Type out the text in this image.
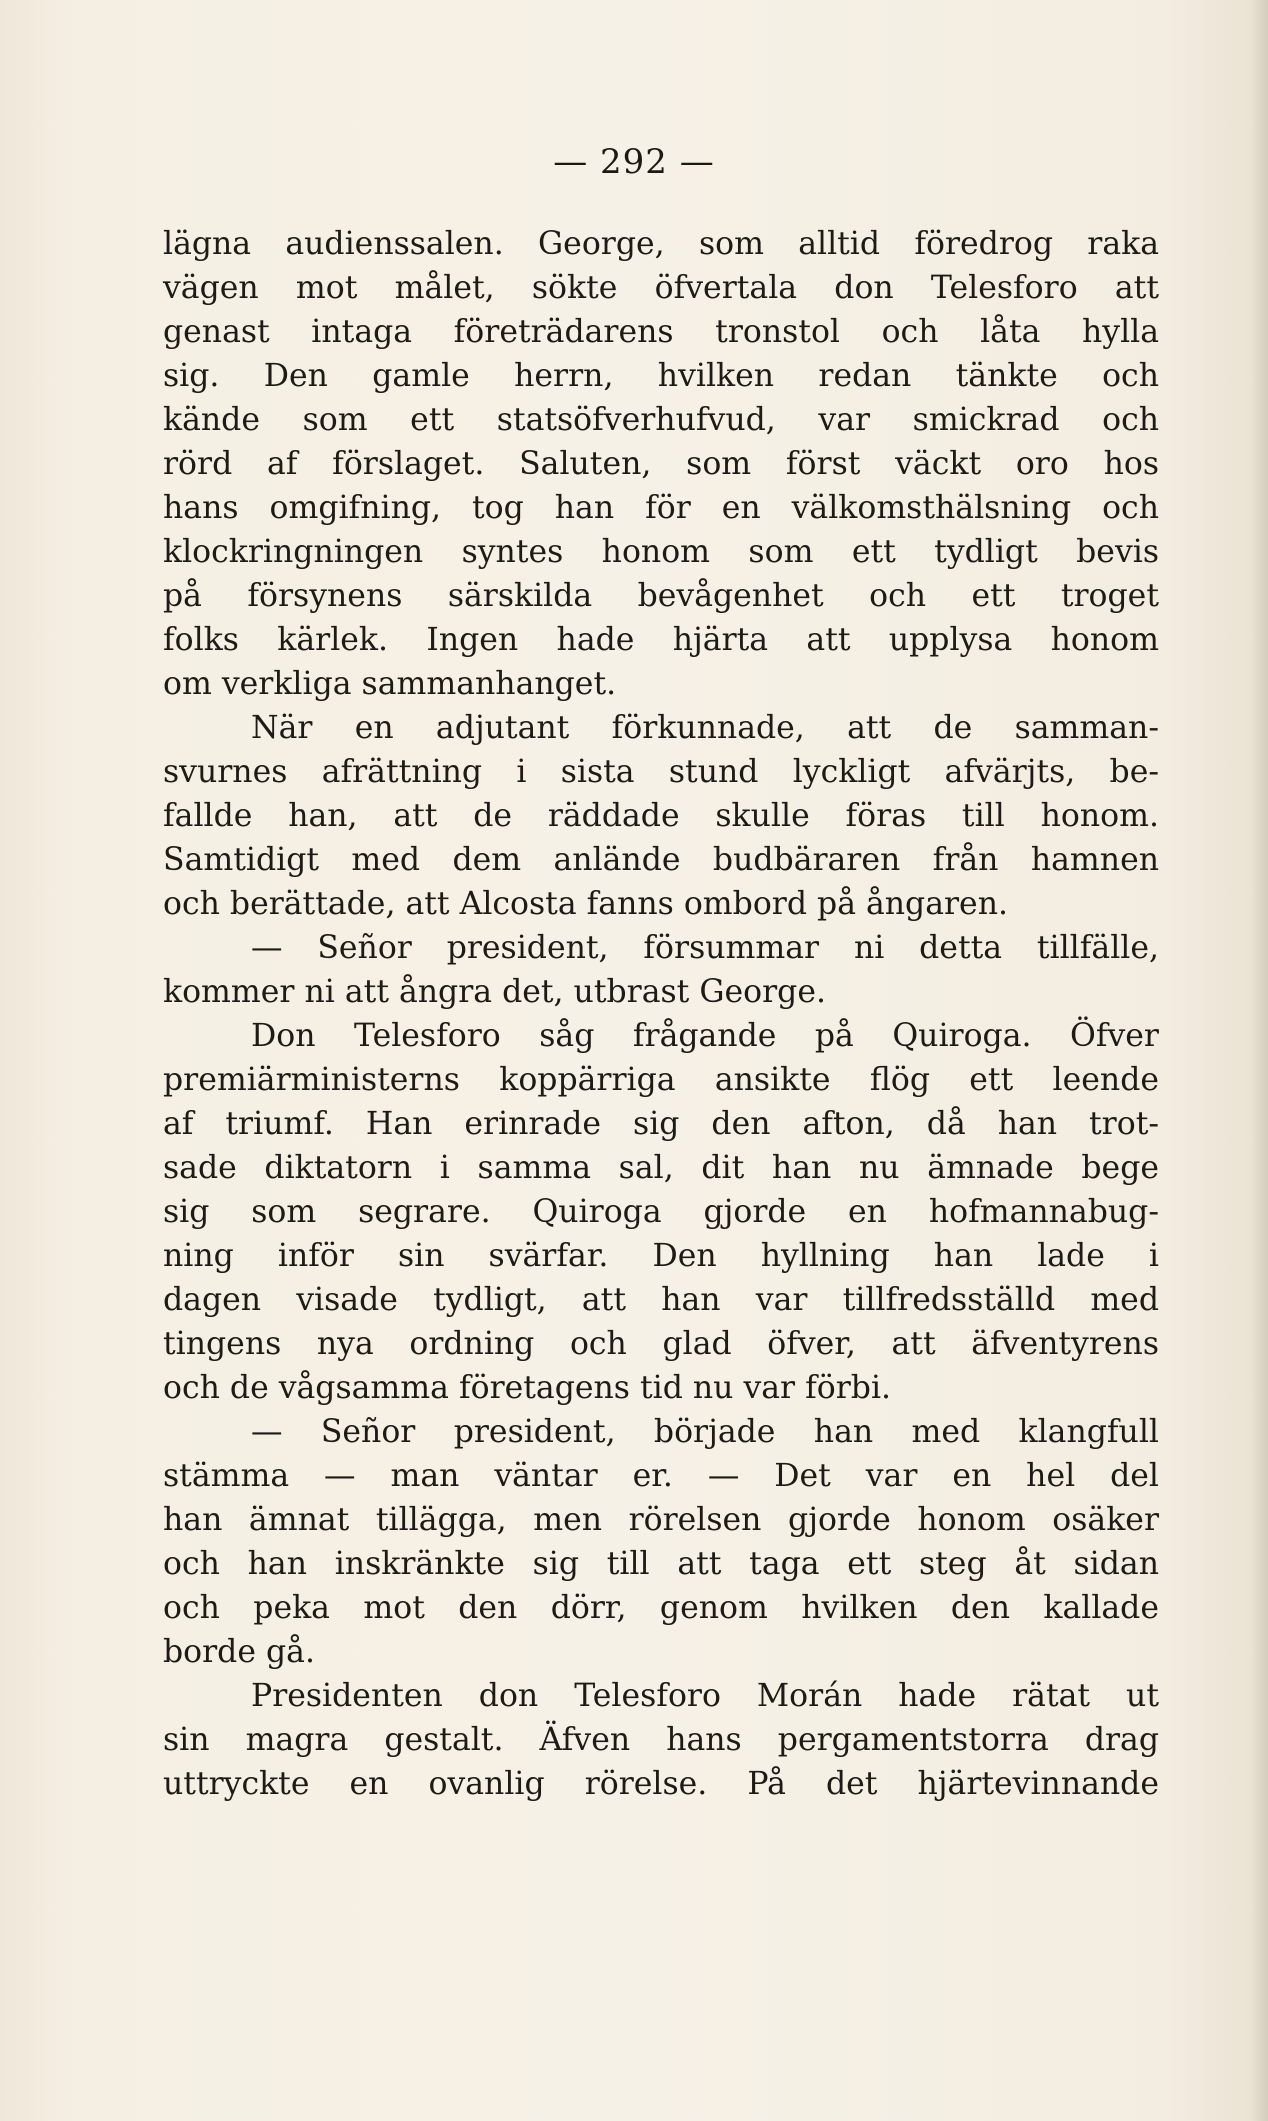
— 292 —
lägna audienssalen. George, som alltid föredrog raka
vägen mot målet, sökte öfvertala don Telesforo att
genast intaga företrädarens tronstol och låta hylla
sig. Den gamle herrn, hvilken redan tänkte och
kände som ett statsöfverhufvud, var smickrad och
rörd af förslaget. Saluten, som först väckt oro hos
hans omgifning, tog han för en välkomsthälsning och
klockringningen syntes honom som ett tydligt bevis
på försynens särskilda bevågenhet och ett troget
folks kärlek. Ingen hade hjärta att upplysa honom
om verkliga sammanhanget.
När en adjutant förkunnade, att de samman-
svurnes afrättning i sista stund lyckligt afvärjts, be-
fallde han, att de räddade skulle föras till honom.
Samtidigt med dem anlände budbäraren från hamnen
och berättade, att Alcosta fanns ombord på ångaren.
— Señor president, försummar ni detta tillfälle,
kommer ni att ångra det, utbrast George.
Don Telesforo såg frågande på Quiroga. Öfver
premiärministerns koppärriga ansikte flög ett leende
af triumf. Han erinrade sig den afton, då han trot-
sade diktatorn i samma sal, dit han nu ämnade bege
sig som segrare. Quiroga gjorde en hofmannabug-
ning inför sin svärfar. Den hyllning han lade i
dagen visade tydligt, att han var tillfredsställd med
tingens nya ordning och glad öfver, att äfventyrens
och de vågsamma företagens tid nu var förbi.
— Señor president, började han med klangfull
stämma — man väntar er. — Det var en hel del
han ämnat tillägga, men rörelsen gjorde honom osäker
och han inskränkte sig till att taga ett steg åt sidan
och peka mot den dörr, genom hvilken den kallade
borde gå.
Presidenten don Telesforo Morán hade rätat ut
sin magra gestalt. Äfven hans pergamentstorra drag
uttryckte en ovanlig rörelse. På det hjärtevinnande
